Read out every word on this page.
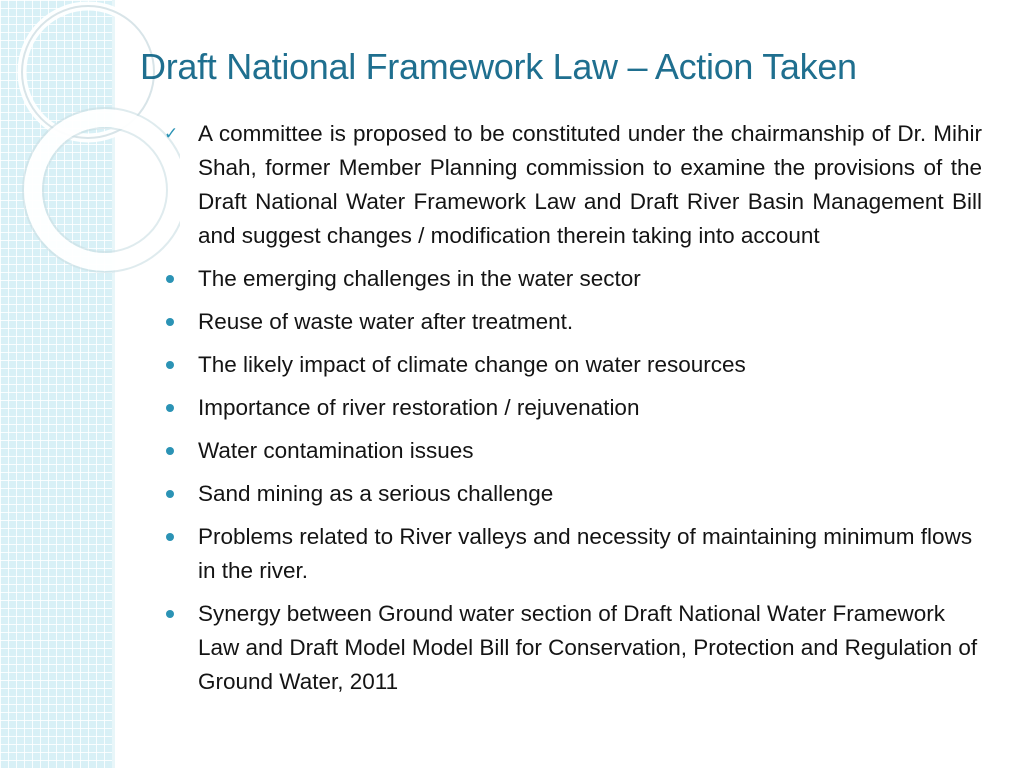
Draft National Framework Law – Action Taken
✓ A committee is proposed to be constituted under the chairmanship of Dr. Mihir Shah, former Member Planning commission to examine the provisions of the Draft National Water Framework Law and Draft River Basin Management Bill and suggest changes / modification therein taking into account
The emerging challenges in the water sector
Reuse of waste water after treatment.
The likely impact of climate change on water resources
Importance of river restoration / rejuvenation
Water contamination issues
Sand mining as a serious challenge
Problems related to River valleys and necessity of maintaining minimum flows in the river.
Synergy between Ground water section of Draft National Water Framework Law and Draft Model Model Bill for Conservation, Protection and Regulation of Ground Water, 2011
